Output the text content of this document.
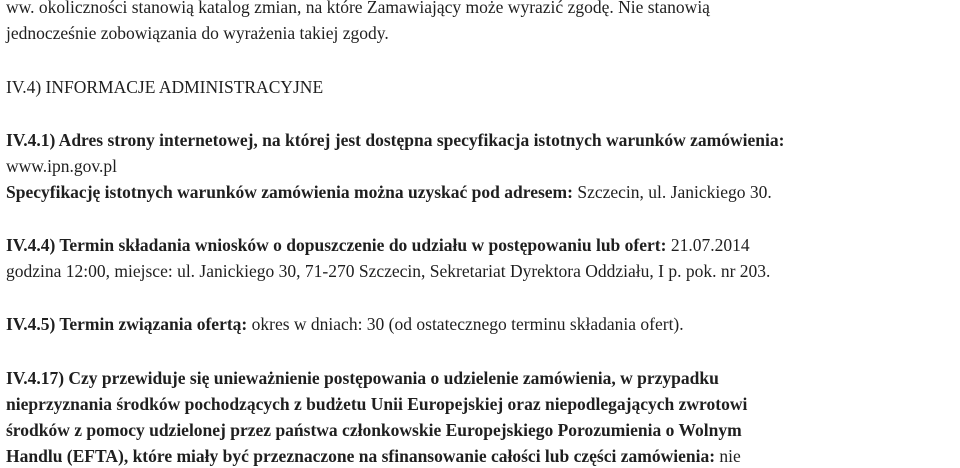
ww. okoliczności stanowią katalog zmian, na które Zamawiający może wyrazić zgodę. Nie stanowią
jednocześnie zobowiązania do wyrażenia takiej zgody.
IV.4) INFORMACJE ADMINISTRACYJNE
IV.4.1) Adres strony internetowej, na której jest dostępna specyfikacja istotnych warunków zamówienia:
www.ipn.gov.pl
Specyfikację istotnych warunków zamówienia można uzyskać pod adresem: Szczecin, ul. Janickiego 30.
IV.4.4) Termin składania wniosków o dopuszczenie do udziału w postępowaniu lub ofert: 21.07.2014
godzina 12:00, miejsce: ul. Janickiego 30, 71-270 Szczecin, Sekretariat Dyrektora Oddziału, I p. pok. nr 203.
IV.4.5) Termin związania ofertą: okres w dniach: 30 (od ostatecznego terminu składania ofert).
IV.4.17) Czy przewiduje się unieważnienie postępowania o udzielenie zamówienia, w przypadku
nieprzyznania środków pochodzących z budżetu Unii Europejskiej oraz niepodlegających zwrotowi
środków z pomocy udzielonej przez państwa członkowskie Europejskiego Porozumienia o Wolnym
Handlu (EFTA), które miały być przeznaczone na sfinansowanie całości lub części zamówienia: nie
